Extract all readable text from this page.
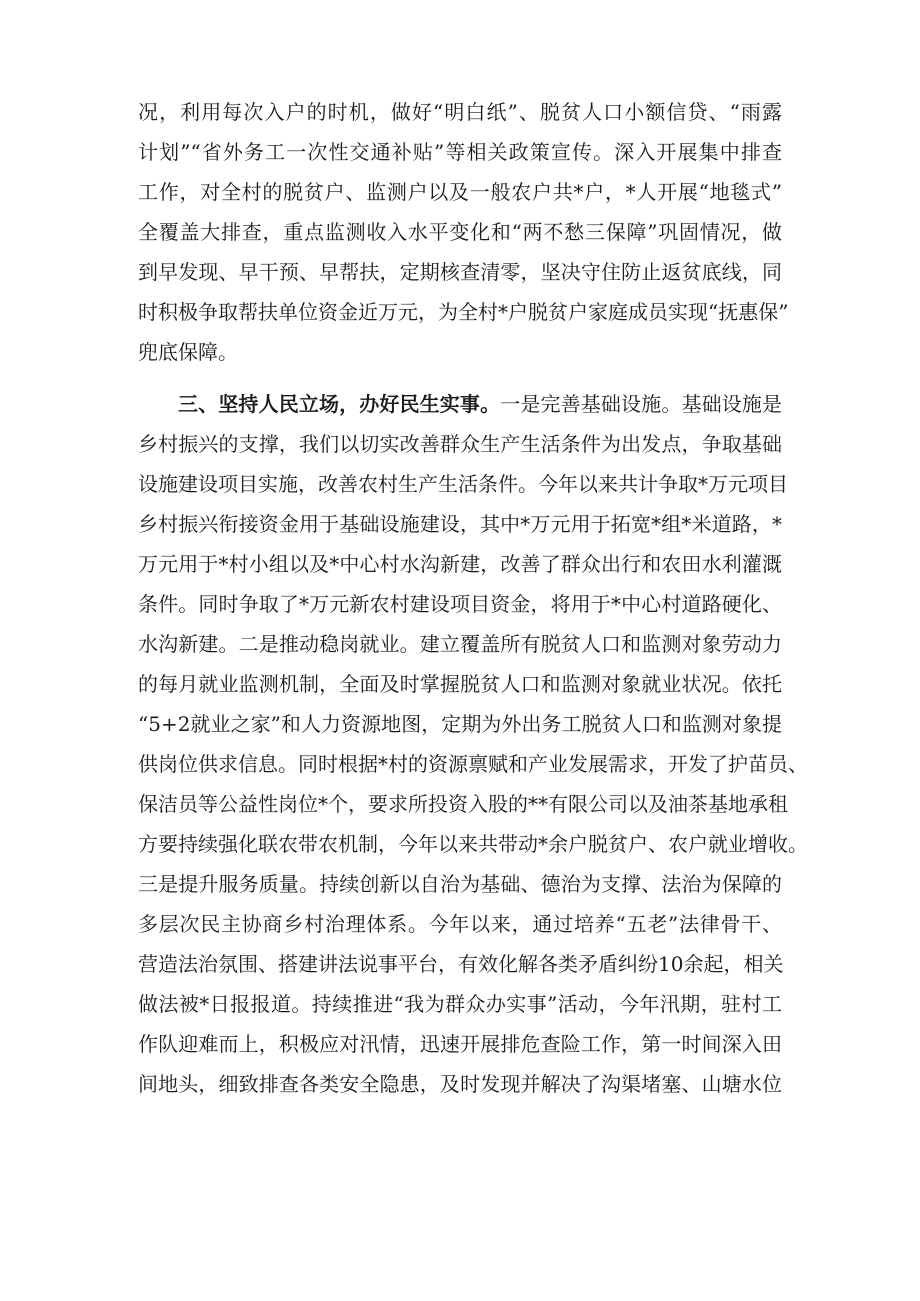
况，利用每次入户的时机，做好“明白纸”、脱贫人口小额信贷、“雨露
计划”“省外务工一次性交通补贴”等相关政策宣传。深入开展集中排查
工作，对全村的脱贫户、监测户以及一般农户共*户，*人开展“地毯式”
全覆盖大排查，重点监测收入水平变化和“两不愁三保障”巩固情况，做
到早发现、早干预、早帮扶，定期核查清零，坚决守住防止返贫底线，同
时积极争取帮扶单位资金近万元，为全村*户脱贫户家庭成员实现“抚惠保”
兜底保障。
三、坚持人民立场，办好民生实事。一是完善基础设施。基础设施是
乡村振兴的支撑，我们以切实改善群众生产生活条件为出发点，争取基础
设施建设项目实施，改善农村生产生活条件。今年以来共计争取*万元项目
乡村振兴衔接资金用于基础设施建设，其中*万元用于拓宽*组*米道路，*
万元用于*村小组以及*中心村水沟新建，改善了群众出行和农田水利灌溉
条件。同时争取了*万元新农村建设项目资金，将用于*中心村道路硬化、
水沟新建。二是推动稳岗就业。建立覆盖所有脱贫人口和监测对象劳动力
的每月就业监测机制，全面及时掌握脱贫人口和监测对象就业状况。依托
“5+2就业之家”和人力资源地图，定期为外出务工脱贫人口和监测对象提
供岗位供求信息。同时根据*村的资源禀赋和产业发展需求，开发了护苗员、
保洁员等公益性岗位*个，要求所投资入股的**有限公司以及油茶基地承租
方要持续强化联农带农机制，今年以来共带动*余户脱贫户、农户就业增收。
三是提升服务质量。持续创新以自治为基础、德治为支撑、法治为保障的
多层次民主协商乡村治理体系。今年以来，通过培养“五老”法律骨干、
营造法治氛围、搭建讲法说事平台，有效化解各类矛盾纠纷10余起，相关
做法被*日报报道。持续推进“我为群众办实事”活动，今年汛期，驻村工
作队迎难而上，积极应对汛情，迅速开展排危查险工作，第一时间深入田
间地头，细致排查各类安全隐患，及时发现并解决了沟渠堵塞、山塘水位
